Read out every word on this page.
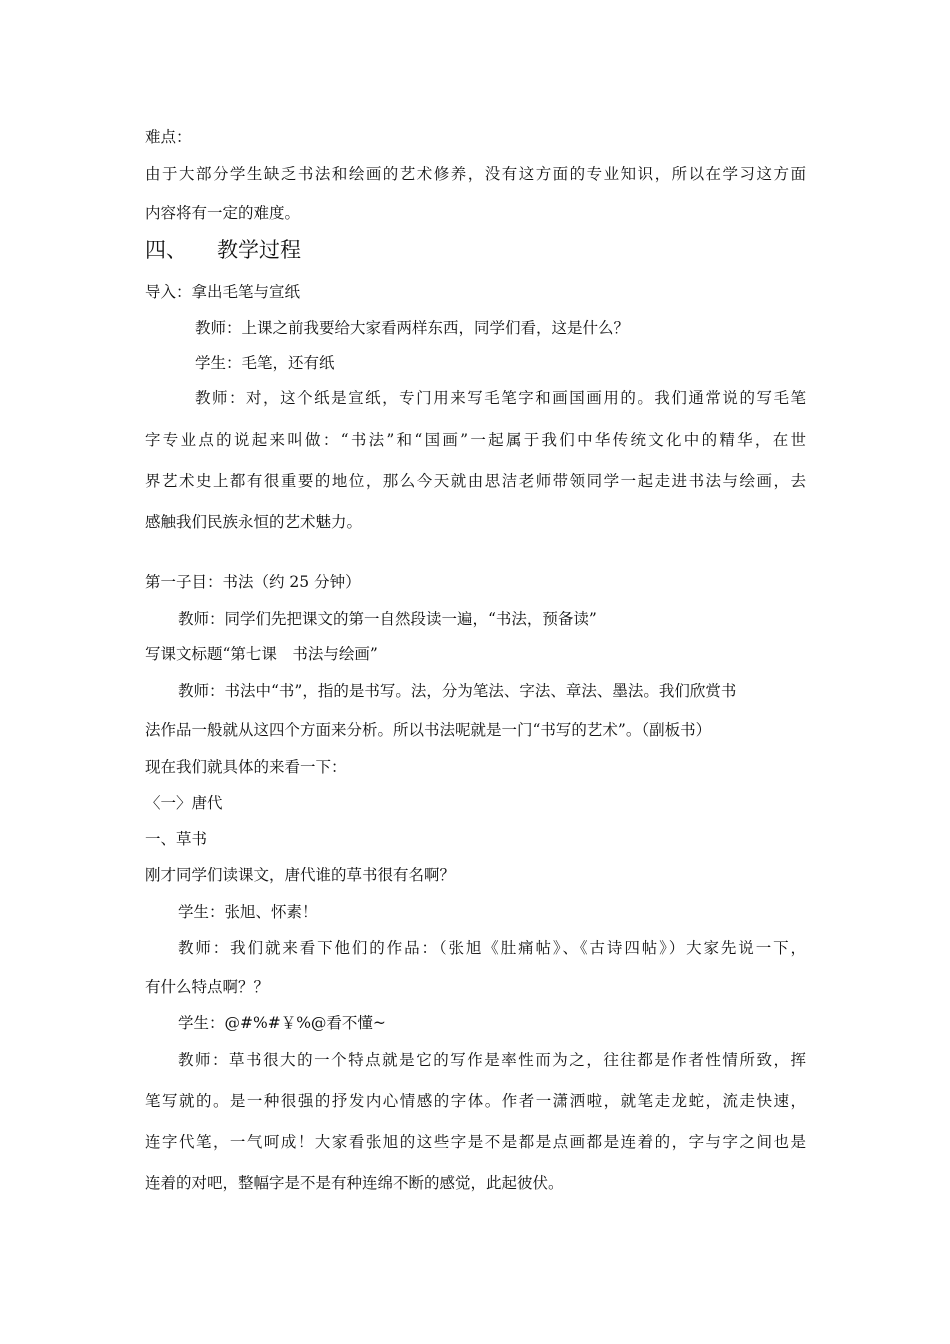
难点：

由于大部分学生缺乏书法和绘画的艺术修养，没有这方面的专业知识，所以在学习这方面

内容将有一定的难度。

四、 教学过程

导入：拿出毛笔与宣纸

教师：上课之前我要给大家看两样东西，同学们看，这是什么？

学生：毛笔，还有纸

教师：对，这个纸是宣纸，专门用来写毛笔字和画国画用的。我们通常说的写毛笔

字专业点的说起来叫做：“书法”和“国画”一起属于我们中华传统文化中的精华，在世

界艺术史上都有很重要的地位，那么今天就由思洁老师带领同学一起走进书法与绘画，去

感触我们民族永恒的艺术魅力。

第一子目：书法（约 25 分钟）

教师：同学们先把课文的第一自然段读一遍，“书法，预备读”

写课文标题“第七课　书法与绘画”

教师：书法中“书”，指的是书写。法，分为笔法、字法、章法、墨法。我们欣赏书

法作品一般就从这四个方面来分析。所以书法呢就是一门“书写的艺术”。（副板书）

现在我们就具体的来看一下：

〈一〉唐代

一、草书

刚才同学们读课文，唐代谁的草书很有名啊？

学生：张旭、怀素！

教师：我们就来看下他们的作品：（张旭《肚痛帖》、《古诗四帖》）大家先说一下，

有什么特点啊？？

学生：@#%#￥%@看不懂~

教师：草书很大的一个特点就是它的写作是率性而为之，往往都是作者性情所致，挥

笔写就的。是一种很强的抒发内心情感的字体。作者一潇洒啦，就笔走龙蛇，流走快速，

连字代笔，一气呵成！大家看张旭的这些字是不是都是点画都是连着的，字与字之间也是

连着的对吧，整幅字是不是有种连绵不断的感觉，此起彼伏。
